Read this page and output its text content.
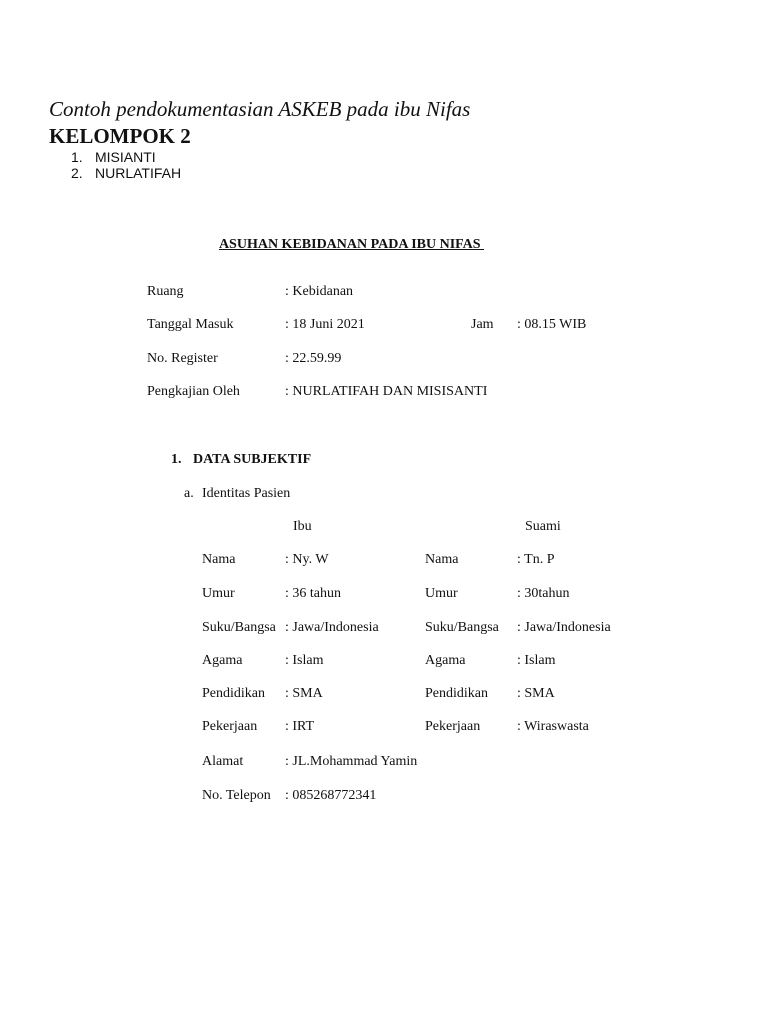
Contoh pendokumentasian ASKEB pada ibu Nifas
KELOMPOK 2
1. MISIANTI
2. NURLATIFAH
ASUHAN KEBIDANAN PADA IBU NIFAS
Ruang	: Kebidanan
Tanggal Masuk	: 18 Juni 2021	Jam : 08.15 WIB
No. Register	: 22.59.99
Pengkajian Oleh	: NURLATIFAH DAN MISISANTI
1. DATA SUBJEKTIF
a. Identitas Pasien
Ibu	Suami
Nama	: Ny. W	Nama	: Tn. P
Umur	: 36 tahun	Umur	: 30tahun
Suku/Bangsa : Jawa/Indonesia	Suku/Bangsa : Jawa/Indonesia
Agama	: Islam	Agama	: Islam
Pendidikan : SMA	Pendidikan : SMA
Pekerjaan : IRT	Pekerjaan	: Wiraswasta
Alamat	: JL.Mohammad Yamin
No. Telepon : 085268772341
